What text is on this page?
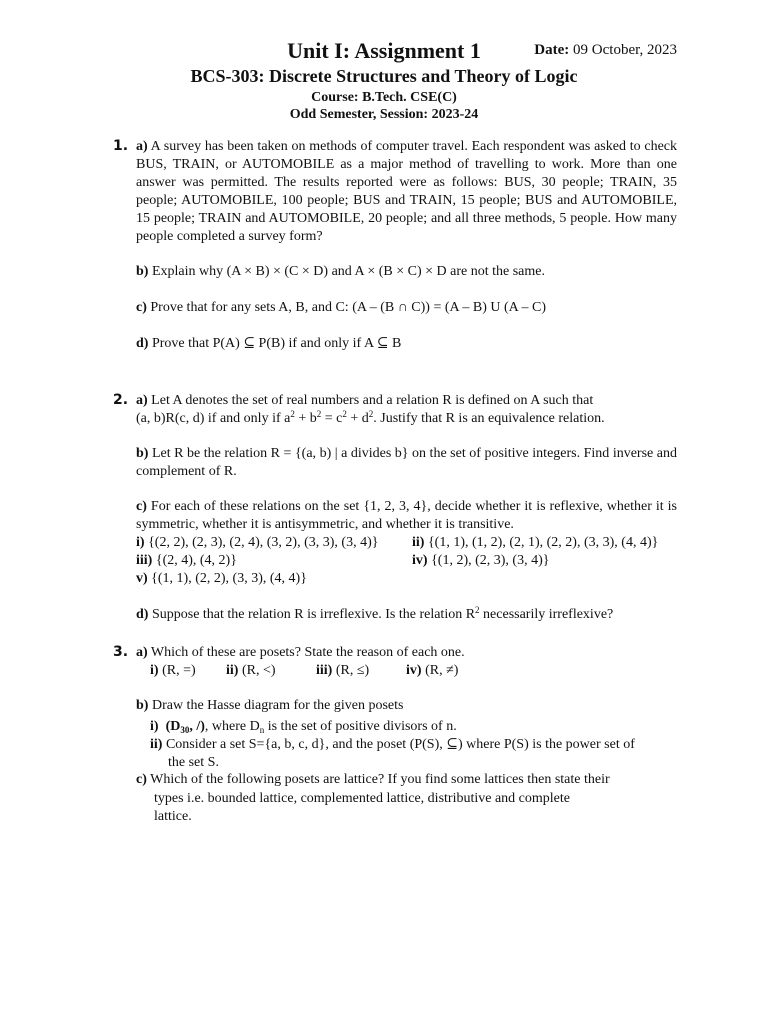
Unit I: Assignment 1	Date: 09 October, 2023
BCS-303: Discrete Structures and Theory of Logic
Course: B.Tech. CSE(C)
Odd Semester, Session: 2023-24
1. a) A survey has been taken on methods of computer travel. Each respondent was asked to check BUS, TRAIN, or AUTOMOBILE as a major method of travelling to work. More than one answer was permitted. The results reported were as follows: BUS, 30 people; TRAIN, 35 people; AUTOMOBILE, 100 people; BUS and TRAIN, 15 people; BUS and AUTOMOBILE, 15 people; TRAIN and AUTOMOBILE, 20 people; and all three methods, 5 people. How many people completed a survey form?
b) Explain why (A × B) × (C × D) and A × (B × C) × D are not the same.
c) Prove that for any sets A, B, and C: (A – (B ∩ C)) = (A – B) U (A – C)
d) Prove that P(A) ⊆ P(B) if and only if A ⊆ B
2. a) Let A denotes the set of real numbers and a relation R is defined on A such that
(a, b)R(c, d) if and only if $a^2 + b^2 = c^2 + d^2$. Justify that R is an equivalence relation.
b) Let R be the relation R = {(a, b) | a divides b} on the set of positive integers. Find inverse and complement of R.
c) For each of these relations on the set {1, 2, 3, 4}, decide whether it is reflexive, whether it is symmetric, whether it is antisymmetric, and whether it is transitive.
i) {(2, 2), (2, 3), (2, 4), (3, 2), (3, 3), (3, 4)} ii) {(1, 1), (1, 2), (2, 1), (2, 2), (3, 3), (4, 4)}
iii) {(2, 4), (4, 2)}	iv) {(1, 2), (2, 3), (3, 4)}
v) {(1, 1), (2, 2), (3, 3), (4, 4)}
d) Suppose that the relation R is irreflexive. Is the relation $R^2$ necessarily irreflexive?
3. a) Which of these are posets? State the reason of each one.
i) (R, =) ii) (R, <)	iii) (R, ≤)	iv) (R, ≠)
b) Draw the Hasse diagram for the given posets
i) ($D_{30}$, /), where $D_n$ is the set of positive divisors of n.
ii) Consider a set S={a, b, c, d}, and the poset (P(S), ⊆) where P(S) is the power set of
the set S.
c) Which of the following posets are lattice? If you find some lattices then state their
types i.e. bounded lattice, complemented lattice, distributive and complete
lattice.
